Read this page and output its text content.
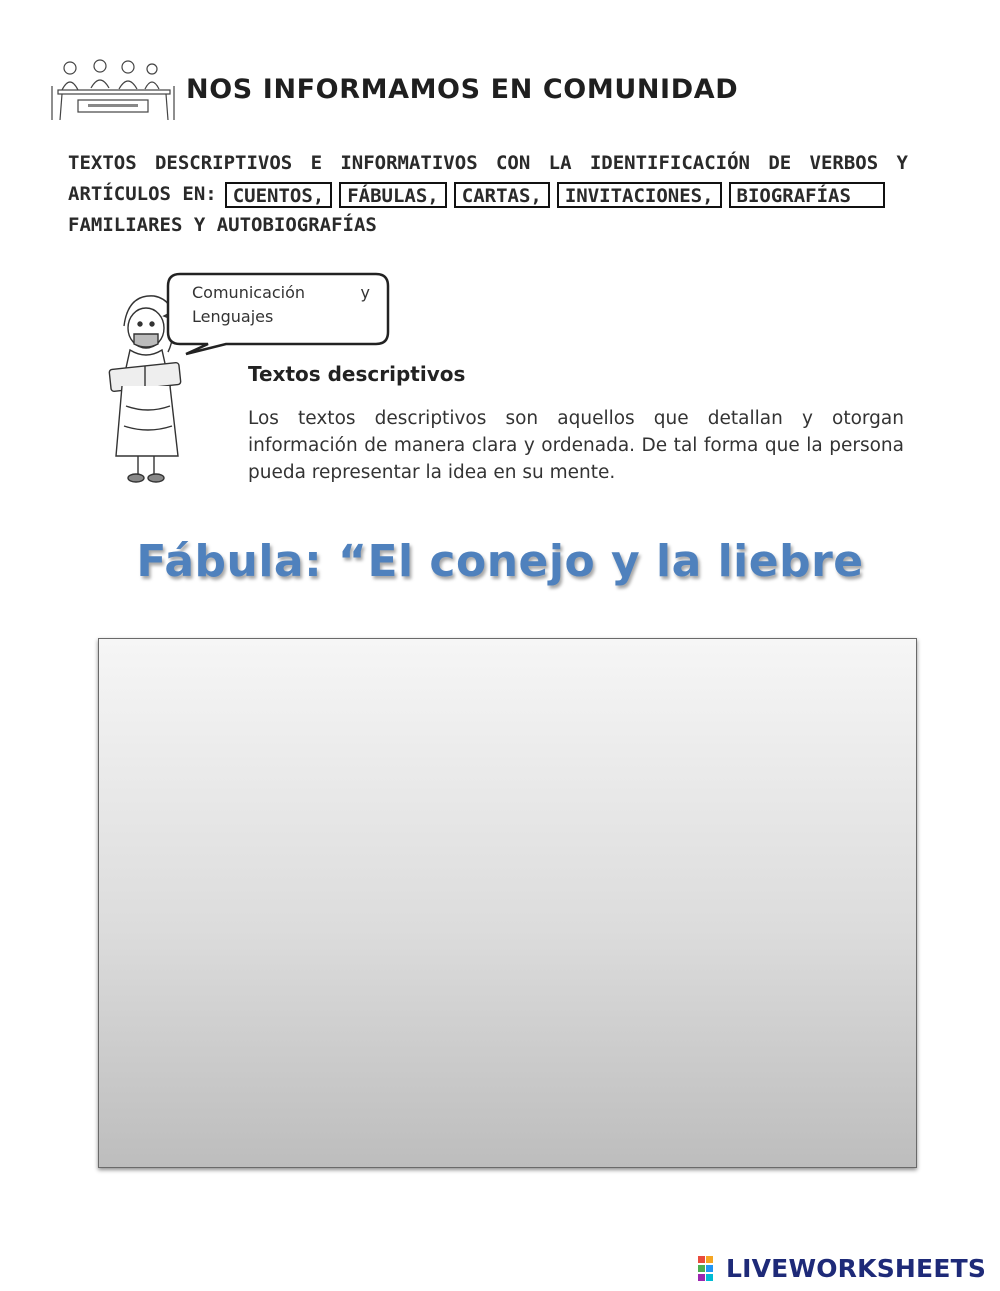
NOS INFORMAMOS EN COMUNIDAD
TEXTOS DESCRIPTIVOS E INFORMATIVOS CON LA IDENTIFICACIÓN DE VERBOS Y
ARTÍCULOS EN: CUENTOS,	FÁBULAS,	CARTAS,	INVITACIONES,	BIOGRAFÍAS
FAMILIARES Y AUTOBIOGRAFÍAS
Comunicación	y
Lenguajes
Textos descriptivos
Los textos descriptivos son aquellos que detallan y otorgan información de manera clara y ordenada. De tal forma que la persona pueda representar la idea en su mente.
Fábula: “El conejo y la liebre
LIVEWORKSHEETS
